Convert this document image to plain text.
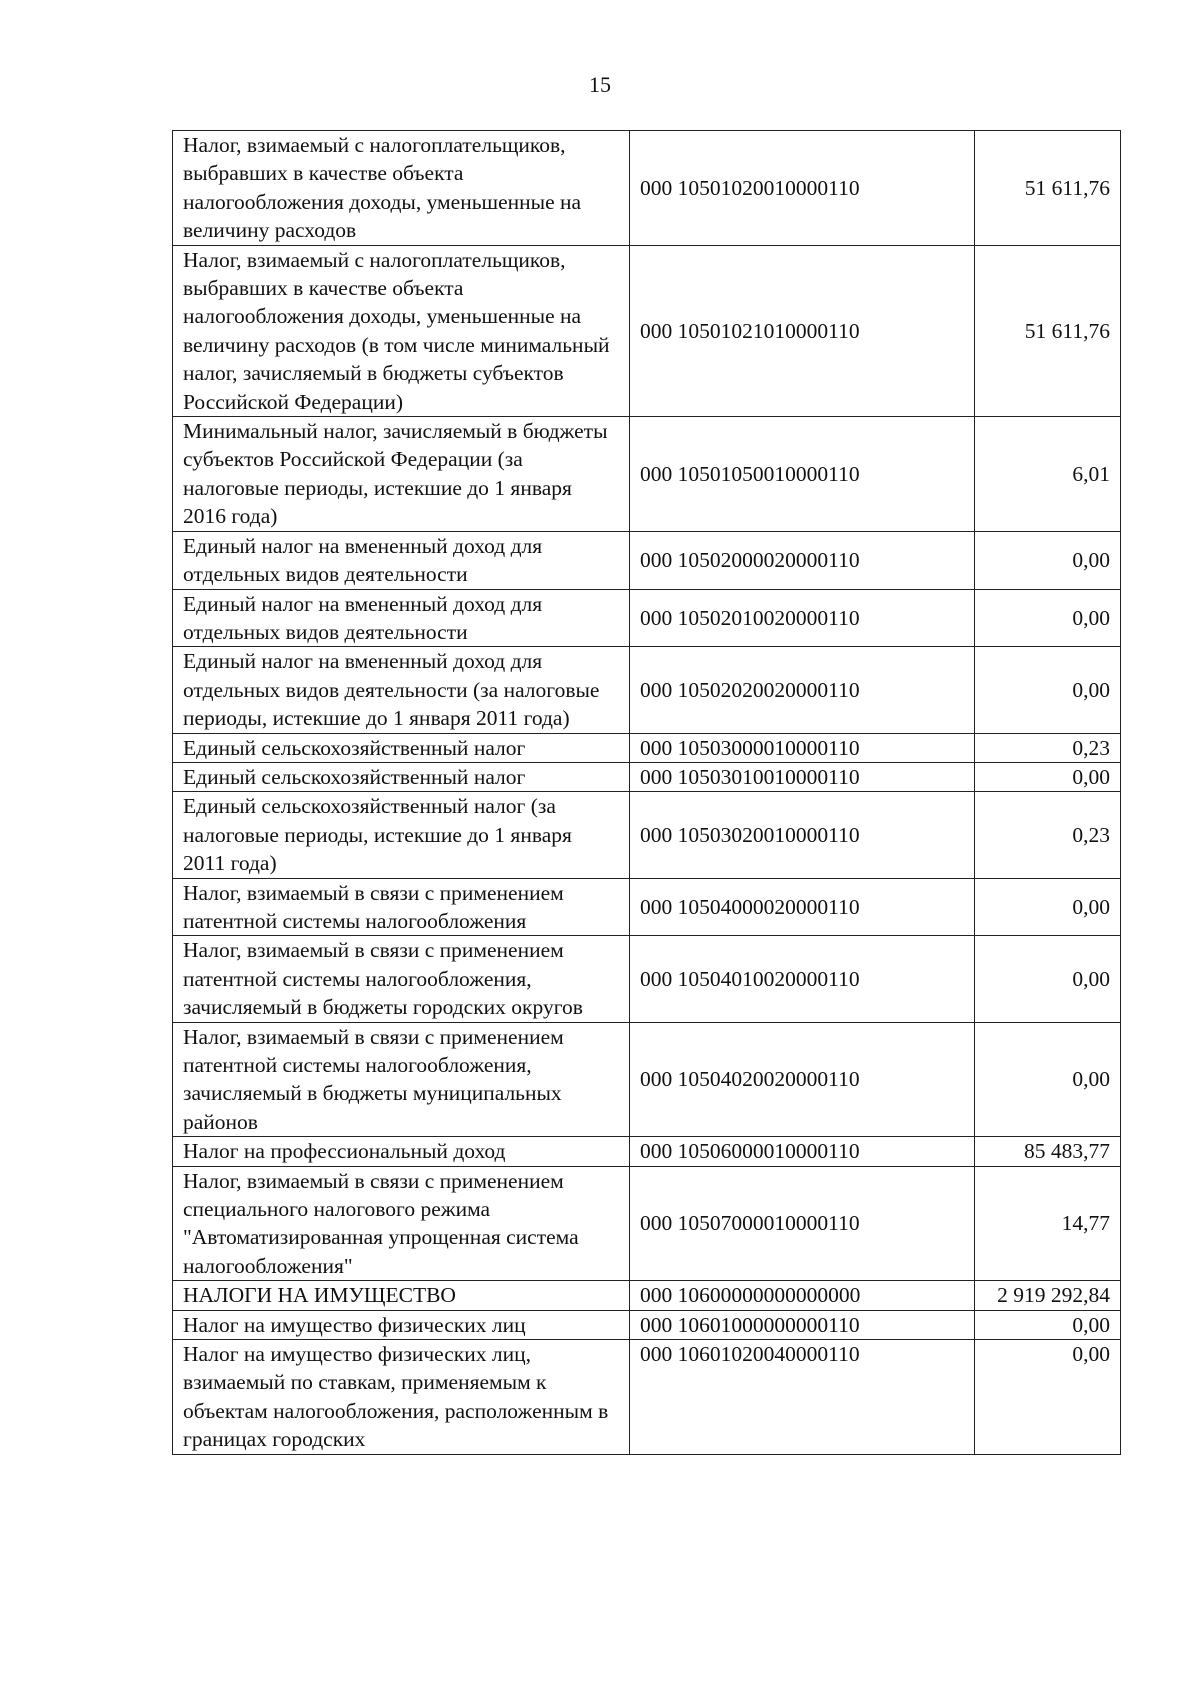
15
Налог, взимаемый с налогоплательщиков, выбравших в качестве объекта налогообложения доходы, уменьшенные на величину расходов	000 10501020010000110	51 611,76
Налог, взимаемый с налогоплательщиков, выбравших в качестве объекта налогообложения доходы, уменьшенные на величину расходов (в том числе минимальный налог, зачисляемый в бюджеты субъектов Российской Федерации)	000 10501021010000110	51 611,76
Минимальный налог, зачисляемый в бюджеты субъектов Российской Федерации (за налоговые периоды, истекшие до 1 января 2016 года)	000 10501050010000110	6,01
Единый налог на вмененный доход для отдельных видов деятельности	000 10502000020000110	0,00
Единый налог на вмененный доход для отдельных видов деятельности	000 10502010020000110	0,00
Единый налог на вмененный доход для отдельных видов деятельности (за налоговые периоды, истекшие до 1 января 2011 года)	000 10502020020000110	0,00
Единый сельскохозяйственный налог	000 10503000010000110	0,23
Единый сельскохозяйственный налог	000 10503010010000110	0,00
Единый сельскохозяйственный налог (за налоговые периоды, истекшие до 1 января 2011 года)	000 10503020010000110	0,23
Налог, взимаемый в связи с применением патентной системы налогообложения	000 10504000020000110	0,00
Налог, взимаемый в связи с применением патентной системы налогообложения, зачисляемый в бюджеты городских округов	000 10504010020000110	0,00
Налог, взимаемый в связи с применением патентной системы налогообложения, зачисляемый в бюджеты муниципальных районов	000 10504020020000110	0,00
Налог на профессиональный доход	000 10506000010000110	85 483,77
Налог, взимаемый в связи с применением специального налогового режима "Автоматизированная упрощенная система налогообложения"	000 10507000010000110	14,77
НАЛОГИ НА ИМУЩЕСТВО	000 10600000000000000	2 919 292,84
Налог на имущество физических лиц	000 10601000000000110	0,00
Налог на имущество физических лиц, взимаемый по ставкам, применяемым к объектам налогообложения, расположенным в границах городских	000 10601020040000110	0,00
